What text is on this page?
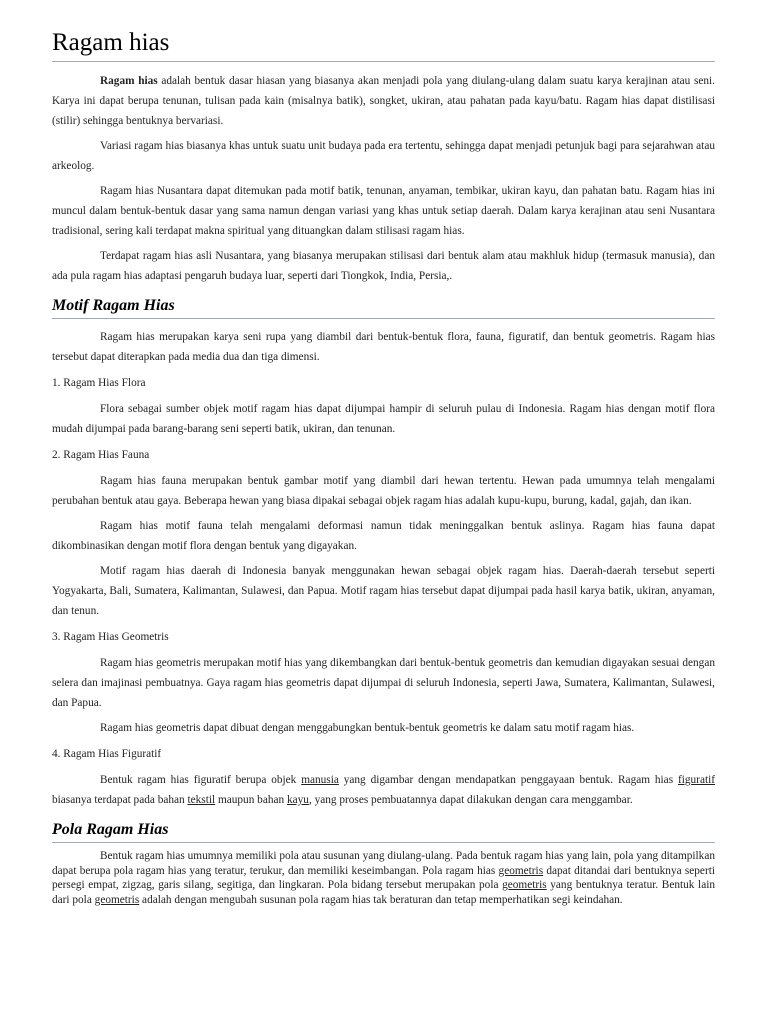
Ragam hias

Ragam hias adalah bentuk dasar hiasan yang biasanya akan menjadi pola yang diulang-ulang dalam suatu karya kerajinan atau seni. Karya ini dapat berupa tenunan, tulisan pada kain (misalnya batik), songket, ukiran, atau pahatan pada kayu/batu. Ragam hias dapat distilisasi (stilir) sehingga bentuknya bervariasi.

Variasi ragam hias biasanya khas untuk suatu unit budaya pada era tertentu, sehingga dapat menjadi petunjuk bagi para sejarahwan atau arkeolog.

Ragam hias Nusantara dapat ditemukan pada motif batik, tenunan, anyaman, tembikar, ukiran kayu, dan pahatan batu. Ragam hias ini muncul dalam bentuk-bentuk dasar yang sama namun dengan variasi yang khas untuk setiap daerah. Dalam karya kerajinan atau seni Nusantara tradisional, sering kali terdapat makna spiritual yang dituangkan dalam stilisasi ragam hias.

Terdapat ragam hias asli Nusantara, yang biasanya merupakan stilisasi dari bentuk alam atau makhluk hidup (termasuk manusia), dan ada pula ragam hias adaptasi pengaruh budaya luar, seperti dari Tiongkok, India, Persia,.

Motif Ragam Hias

Ragam hias merupakan karya seni rupa yang diambil dari bentuk-bentuk flora, fauna, figuratif, dan bentuk geometris. Ragam hias tersebut dapat diterapkan pada media dua dan tiga dimensi.

1. Ragam Hias Flora

Flora sebagai sumber objek motif ragam hias dapat dijumpai hampir di seluruh pulau di Indonesia. Ragam hias dengan motif flora mudah dijumpai pada barang-barang seni seperti batik, ukiran, dan tenunan.

2. Ragam Hias Fauna

Ragam hias fauna merupakan bentuk gambar motif yang diambil dari hewan tertentu. Hewan pada umumnya telah mengalami perubahan bentuk atau gaya. Beberapa hewan yang biasa dipakai sebagai objek ragam hias adalah kupu-kupu, burung, kadal, gajah, dan ikan.

Ragam hias motif fauna telah mengalami deformasi namun tidak meninggalkan bentuk aslinya. Ragam hias fauna dapat dikombinasikan dengan motif flora dengan bentuk yang digayakan.

Motif ragam hias daerah di Indonesia banyak menggunakan hewan sebagai objek ragam hias. Daerah-daerah tersebut seperti Yogyakarta, Bali, Sumatera, Kalimantan, Sulawesi, dan Papua. Motif ragam hias tersebut dapat dijumpai pada hasil karya batik, ukiran, anyaman, dan tenun.

3. Ragam Hias Geometris

Ragam hias geometris merupakan motif hias yang dikembangkan dari bentuk-bentuk geometris dan kemudian digayakan sesuai dengan selera dan imajinasi pembuatnya. Gaya ragam hias geometris dapat dijumpai di seluruh Indonesia, seperti Jawa, Sumatera, Kalimantan, Sulawesi, dan Papua.

Ragam hias geometris dapat dibuat dengan menggabungkan bentuk-bentuk geometris ke dalam satu motif ragam hias.

4. Ragam Hias Figuratif

Bentuk ragam hias figuratif berupa objek manusia yang digambar dengan mendapatkan penggayaan bentuk. Ragam hias figuratif biasanya terdapat pada bahan tekstil maupun bahan kayu, yang proses pembuatannya dapat dilakukan dengan cara menggambar.

Pola Ragam Hias

Bentuk ragam hias umumnya memiliki pola atau susunan yang diulang-ulang. Pada bentuk ragam hias yang lain, pola yang ditampilkan dapat berupa pola ragam hias yang teratur, terukur, dan memiliki keseimbangan. Pola ragam hias geometris dapat ditandai dari bentuknya seperti persegi empat, zigzag, garis silang, segitiga, dan lingkaran. Pola bidang tersebut merupakan pola geometris yang bentuknya teratur. Bentuk lain dari pola geometris adalah dengan mengubah susunan pola ragam hias tak beraturan dan tetap memperhatikan segi keindahan.
